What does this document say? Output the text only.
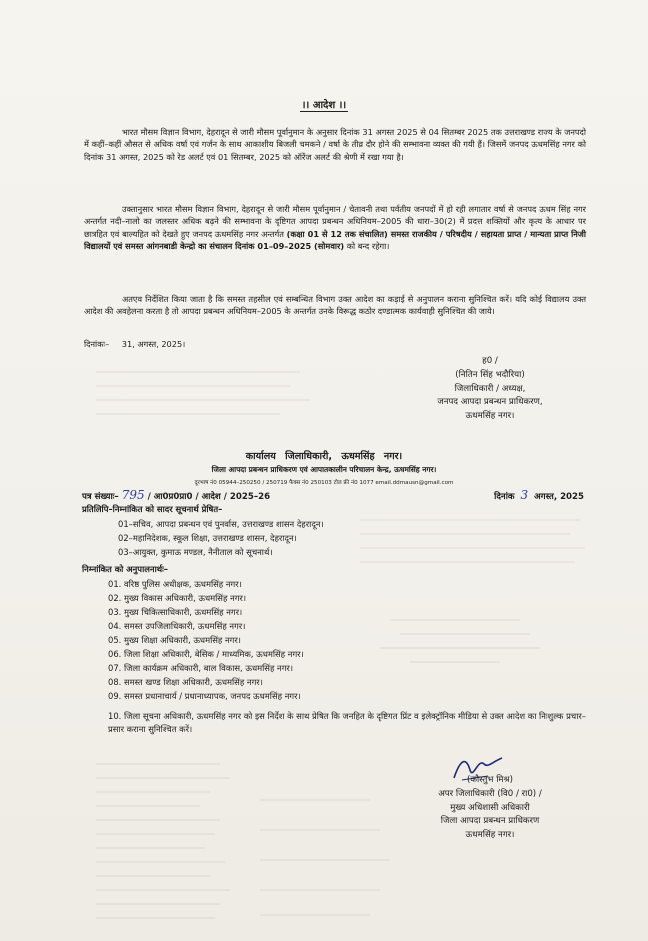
।। आदेश ।।
भारत मौसम विज्ञान विभाग, देहरादून से जारी मौसम पूर्वानुमान के अनुसार दिनांक 31 अगस्त 2025 से 04 सितम्बर 2025 तक उत्तराखण्ड राज्य के जनपदो में कहीं–कहीं औसत से अधिक वर्षा एवं गर्जन के साथ आकाशीय बिजली चमकने / वर्षा के तीव्र दौर होने की सम्भावना व्यक्त की गयी हैं। जिसमें जनपद ऊधमसिंह नगर को दिनांक 31 अगस्त, 2025 को रेड अलर्ट एवं 01 सितम्बर, 2025 को ऑरेंज अलर्ट की श्रेणी में रखा गया है।
उक्तानुसार भारत मौसम विज्ञान विभाग, देहरादून से जारी मौसम पूर्वानुमान / चेतावनी तथा पर्वतीय जनपदों में हो रही लगातार वर्षा से जनपद ऊधम सिंह नगर अन्तर्गत नदी–नालो का जलस्तर अधिक बढ़ने की सम्भावना के दृष्टिगत आपदा प्रबन्धन अधिनियम–2005 की धारा–30(2) में प्रदत्त शक्तियों और कृत्य के आधार पर छात्रहित एवं बाल्यहित को देखते हुए जनपद ऊधमसिंह नगर अन्तर्गत (कक्षा 01 से 12 तक संचालित) समस्त राजकीय / परिषदीय / सहायता प्राप्त / मान्यता प्राप्त निजी विद्यालयों एवं समस्त आंगनबाडी केन्द्रो का संचालन दिनांक 01–09–2025 (सोमवार) को बन्द रहेगा।
अतएव निर्देशित किया जाता है कि समस्त तहसील एवं सम्बन्धित विभाग उक्त आदेश का कड़ाई से अनुपालन कराना सुनिश्चित करें। यदि कोई विद्यालय उक्त आदेश की अवहेलना करता है तो आपदा प्रबन्धन अधिनियम–2005 के अन्तर्गत उनके विरूद्ध कठोर दण्डात्मक कार्यवाही सुनिश्चित की जाये।
दिनांकः– 31, अगस्त, 2025।
ह0 /
(नितिन सिंह भदौरिया)
जिलाधिकारी / अध्यक्ष,
जनपद आपदा प्रबन्धन प्राधिकरण,
ऊधमसिंह नगर।
कार्यालय जिलाधिकारी, ऊधमसिंह नगर।
जिला आपदा प्रबन्धन प्राधिकरण एवं आपातकालीन परिचालन केन्द्र, ऊधमसिंह नगर।
दूरभाष नं0 05944–250250 / 250719 फैक्स नं0 250103 टोल फ्री नं0 1077 email.ddmausn@gmail.com
पत्र संख्याः– 795 / आ0प्र0प्रा0 / आदेश / 2025–26	दिनांक 3 अगस्त, 2025
प्रतिलिपि–निम्नांकित को सादर सूचनार्थ प्रेषित–
01–सचिव, आपदा प्रबन्धन एवं पुनर्वास, उत्तराखण्ड शासन देहरादून।
02–महानिदेशक, स्कूल शिक्षा, उत्तराखण्ड शासन, देहरादून।
03–आयुक्त, कुमाऊ मण्डल, नैनीताल को सूचनार्थ।
निम्नांकित को अनुपालनार्थः–
01. वरिष्ठ पुलिस अधीक्षक, ऊधमसिंह नगर।
02. मुख्य विकास अधिकारी, ऊधमसिंह नगर।
03. मुख्य चिकित्साधिकारी, ऊधमसिंह नगर।
04. समस्त उपजिलाधिकारी, ऊधमसिंह नगर।
05. मुख्य शिक्षा अधिकारी, ऊधमसिंह नगर।
06. जिला शिक्षा अधिकारी, बेसिक / माध्यमिक, ऊधमसिंह नगर।
07. जिला कार्यक्रम अधिकारी, बाल विकास, ऊधमसिंह नगर।
08. समस्त खण्ड शिक्षा अधिकारी, ऊधमसिंह नगर।
09. समस्त प्रधानाचार्य / प्रधानाध्यापक, जनपद ऊधमसिंह नगर।
10. जिला सूचना अधिकारी, ऊधमसिंह नगर को इस निर्देश के साथ प्रेषित कि जनहित के दृष्टिगत प्रिंट व इलेक्ट्रॉनिक मीडिया से उक्त आदेश का निःशुल्क प्रचार–प्रसार कराना सुनिश्चित करें।
(कौस्तुभ मिश्र)
अपर जिलाधिकारी (वि0 / रा0) /
मुख्य अधिशासी अधिकारी
जिला आपदा प्रबन्धन प्राधिकरण
ऊधमसिंह नगर।
